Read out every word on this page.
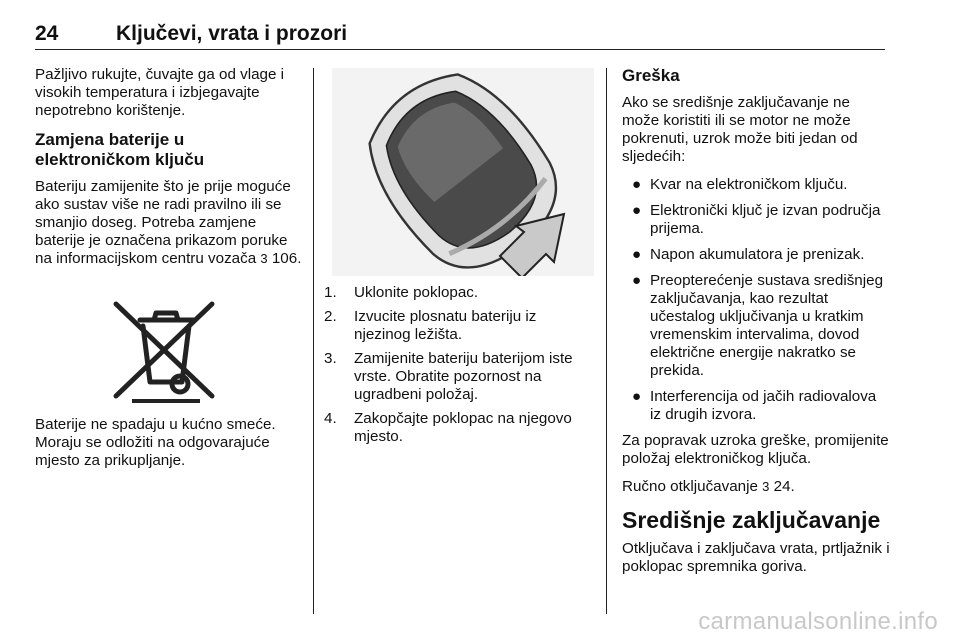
24	Ključevi, vrata i prozori

Pažljivo rukujte, čuvajte ga od vlage i visokih temperatura i izbjegavajte nepotrebno korištenje.

Zamjena baterije u elektroničkom ključu

Bateriju zamijenite što je prije moguće ako sustav više ne radi pravilno ili se smanjio doseg. Potreba zamjene baterije je označena prikazom poruke na informacijskom centru vozača 3 106.

Baterije ne spadaju u kućno smeće. Moraju se odložiti na odgovarajuće mjesto za prikupljanje.

1. Uklonite poklopac.
2. Izvucite plosnatu bateriju iz njezinog ležišta.
3. Zamijenite bateriju baterijom iste vrste. Obratite pozornost na ugradbeni položaj.
4. Zakopčajte poklopac na njegovo mjesto.
Greška

Ako se središnje zaključavanje ne može koristiti ili se motor ne može pokrenuti, uzrok može biti jedan od sljedećih:

● Kvar na elektroničkom ključu.
● Elektronički ključ je izvan područja prijema.
● Napon akumulatora je prenizak.
● Preopterećenje sustava središnjeg zaključavanja, kao rezultat učestalog uključivanja u kratkim vremenskim intervalima, dovod električne energije nakratko se prekida.
● Interferencija od jačih radiovalova iz drugih izvora.

Za popravak uzroka greške, promijenite položaj elektroničkog ključa.

Ručno otključavanje 3 24.

Središnje zaključavanje

Otključava i zaključava vrata, prtljažnik i poklopac spremnika goriva.

carmanualsonline.info
